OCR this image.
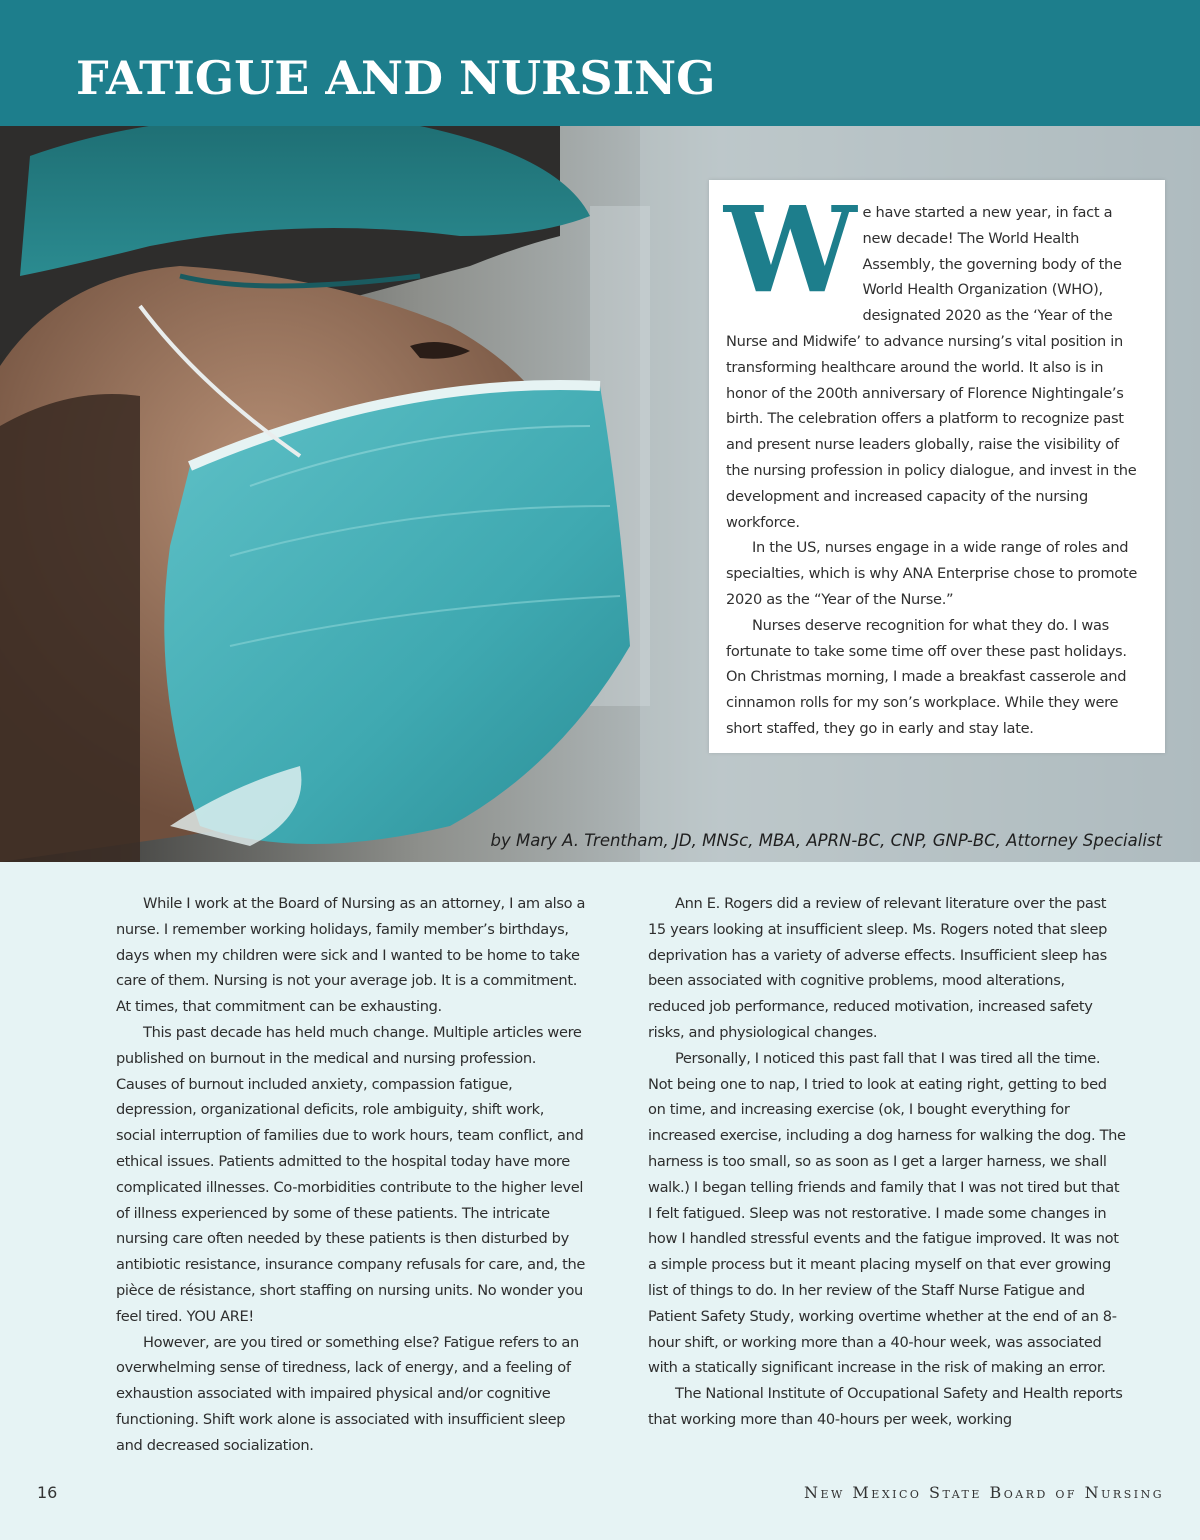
FATIGUE AND NURSING
W e have started a new year, in fact a new decade! The World Health Assembly, the governing body of the World Health Organization (WHO), designated 2020 as the ‘Year of the Nurse and Midwife’ to advance nursing’s vital position in transforming healthcare around the world. It also is in honor of the 200th anniversary of Florence Nightingale’s birth. The celebration offers a platform to recognize past and present nurse leaders globally, raise the visibility of the nursing profession in policy dialogue, and invest in the development and increased capacity of the nursing workforce.

In the US, nurses engage in a wide range of roles and specialties, which is why ANA Enterprise chose to promote 2020 as the “Year of the Nurse.”

Nurses deserve recognition for what they do. I was fortunate to take some time off over these past holidays. On Christmas morning, I made a breakfast casserole and cinnamon rolls for my son’s workplace. While they were short staffed, they go in early and stay late.

by Mary A. Trentham, JD, MNSc, MBA, APRN-BC, CNP, GNP-BC, Attorney Specialist

While I work at the Board of Nursing as an attorney, I am also a nurse. I remember working holidays, family member’s birthdays, days when my children were sick and I wanted to be home to take care of them. Nursing is not your average job. It is a commitment. At times, that commitment can be exhausting.

This past decade has held much change. Multiple articles were published on burnout in the medical and nursing profession. Causes of burnout included anxiety, compassion fatigue, depression, organizational deficits, role ambiguity, shift work, social interruption of families due to work hours, team conflict, and ethical issues. Patients admitted to the hospital today have more complicated illnesses. Co-morbidities contribute to the higher level of illness experienced by some of these patients. The intricate nursing care often needed by these patients is then disturbed by antibiotic resistance, insurance company refusals for care, and, the pièce de résistance, short staffing on nursing units. No wonder you feel tired. YOU ARE!

However, are you tired or something else? Fatigue refers to an overwhelming sense of tiredness, lack of energy, and a feeling of exhaustion associated with impaired physical and/or cognitive functioning. Shift work alone is associated with insufficient sleep and decreased socialization.

Ann E. Rogers did a review of relevant literature over the past 15 years looking at insufficient sleep. Ms. Rogers noted that sleep deprivation has a variety of adverse effects. Insufficient sleep has been associated with cognitive problems, mood alterations, reduced job performance, reduced motivation, increased safety risks, and physiological changes.

Personally, I noticed this past fall that I was tired all the time. Not being one to nap, I tried to look at eating right, getting to bed on time, and increasing exercise (ok, I bought everything for increased exercise, including a dog harness for walking the dog. The harness is too small, so as soon as I get a larger harness, we shall walk.) I began telling friends and family that I was not tired but that I felt fatigued. Sleep was not restorative. I made some changes in how I handled stressful events and the fatigue improved. It was not a simple process but it meant placing myself on that ever growing list of things to do. In her review of the Staff Nurse Fatigue and Patient Safety Study, working overtime whether at the end of an 8-hour shift, or working more than a 40-hour week, was associated with a statically significant increase in the risk of making an error.

The National Institute of Occupational Safety and Health reports that working more than 40-hours per week, working

16	New Mexico State Board of Nursing
